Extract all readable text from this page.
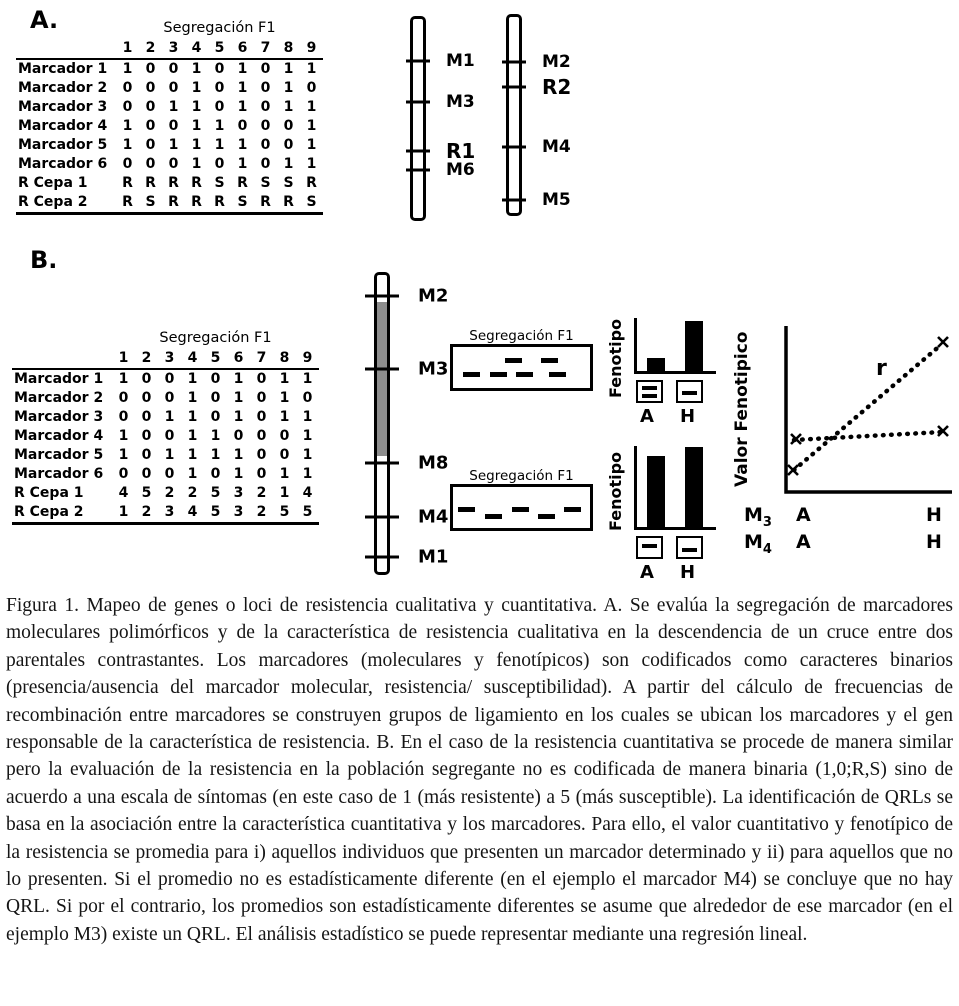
A.	Segregación F1
	1	2	3	4	5	6	7	8	9
Marcador 1	1	0	0	1	0	1	0	1	1
Marcador 2	0	0	0	1	0	1	0	1	0
Marcador 3	0	0	1	1	0	1	0	1	1
Marcador 4	1	0	0	1	1	0	0	0	1
Marcador 5	1	0	1	1	1	1	0	0	1
Marcador 6	0	0	0	1	0	1	0	1	1
R Cepa 1	R	R	R	R	S	R	S	S	R
R Cepa 2	R	S	R	R	R	S	R	R	S
M1
M3
R1
M6
M2
R2
M4
M5
B.
Segregación F1
	1	2	3	4	5	6	7	8	9
Marcador 1	1	0	0	1	0	1	0	1	1
Marcador 2	0	0	0	1	0	1	0	1	0
Marcador 3	0	0	1	1	0	1	0	1	1
Marcador 4	1	0	0	1	1	0	0	0	1
Marcador 5	1	0	1	1	1	1	0	0	1
Marcador 6	0	0	0	1	0	1	0	1	1
R Cepa 1	4	5	2	2	5	3	2	1	4
R Cepa 2	1	2	3	4	5	3	2	5	5
M2
M3
M8
M4
M1
Segregación F1
Segregación F1
Fenotipo
A H
Fenotipo
A H
Valor Fenotipico	r
$M_3$ A	H
$M_4$ A	H
Figura 1. Mapeo de genes o loci de resistencia cualitativa y cuantitativa. A. Se evalúa la segregación de marcadores moleculares polimórficos y de la característica de resistencia cualitativa en la descendencia de un cruce entre dos parentales contrastantes. Los marcadores (moleculares y fenotípicos) son codificados como caracteres binarios (presencia/ausencia del marcador molecular, resistencia/ susceptibilidad). A partir del cálculo de frecuencias de recombinación entre marcadores se construyen grupos de ligamiento en los cuales se ubican los marcadores y el gen responsable de la característica de resistencia. B. En el caso de la resistencia cuantitativa se procede de manera similar pero la evaluación de la resistencia en la población segregante no es codificada de manera binaria (1,0;R,S) sino de acuerdo a una escala de síntomas (en este caso de 1 (más resistente) a 5 (más susceptible). La identificación de QRLs se basa en la asociación entre la característica cuantitativa y los marcadores. Para ello, el valor cuantitativo y fenotípico de la resistencia se promedia para i) aquellos individuos que presenten un marcador determinado y ii) para aquellos que no lo presenten. Si el promedio no es estadísticamente diferente (en el ejemplo el marcador M4) se concluye que no hay QRL. Si por el contrario, los promedios son estadísticamente diferentes se asume que alrededor de ese marcador (en el ejemplo M3) existe un QRL. El análisis estadístico se puede representar mediante una regresión lineal.
